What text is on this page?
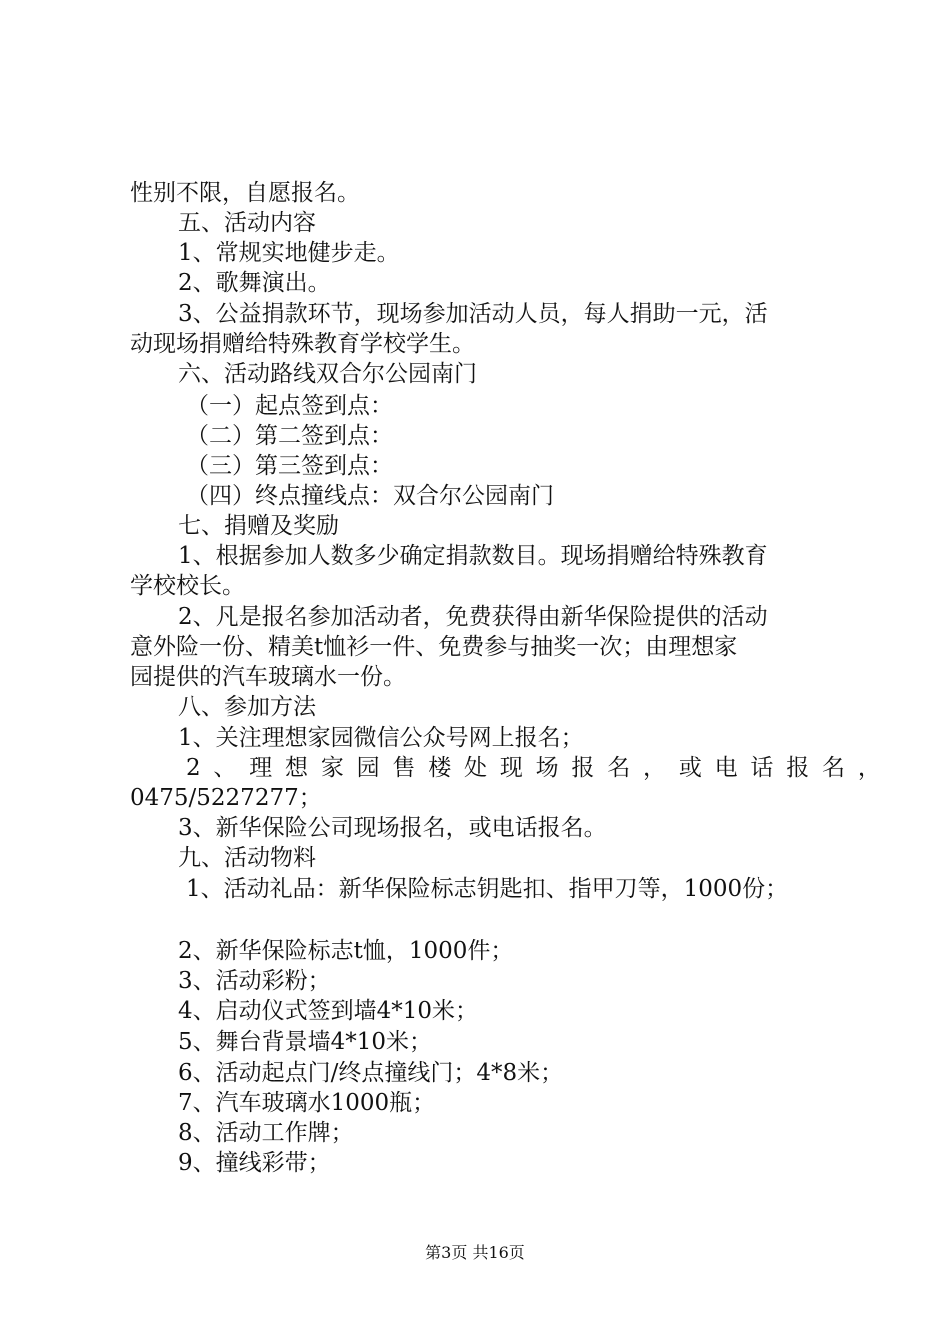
性别不限，自愿报名。
五、活动内容
1、常规实地健步走。
2、歌舞演出。
3、公益捐款环节，现场参加活动人员，每人捐助一元，活
动现场捐赠给特殊教育学校学生。
六、活动路线双合尔公园南门
（一）起点签到点：
（二）第二签到点：
（三）第三签到点：
（四）终点撞线点：双合尔公园南门
七、捐赠及奖励
1、根据参加人数多少确定捐款数目。现场捐赠给特殊教育
学校校长。
2、凡是报名参加活动者，免费获得由新华保险提供的活动
意外险一份、精美t恤衫一件、免费参与抽奖一次；由理想家
园提供的汽车玻璃水一份。
八、参加方法
1、关注理想家园微信公众号网上报名；
2、理想家园售楼处现场报名，或电话报名，
0475/5227277；
3、新华保险公司现场报名，或电话报名。
九、活动物料
1、活动礼品：新华保险标志钥匙扣、指甲刀等，1000份；
2、新华保险标志t恤，1000件；
3、活动彩粉；
4、启动仪式签到墙4*10米；
5、舞台背景墙4*10米；
6、活动起点门/终点撞线门；4*8米；
7、汽车玻璃水1000瓶；
8、活动工作牌；
9、撞线彩带；
第3页 共16页
